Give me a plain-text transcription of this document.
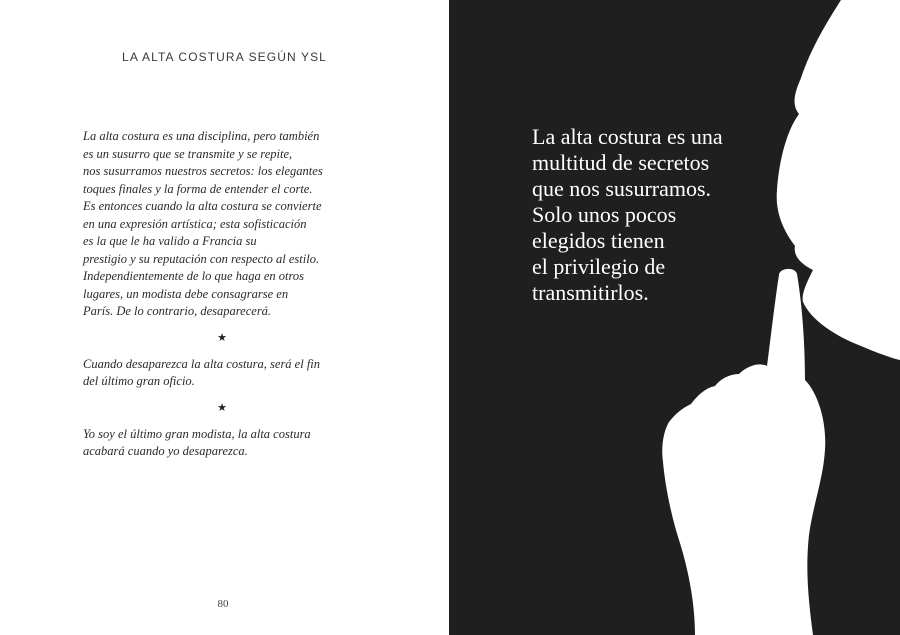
LA ALTA COSTURA SEGÚN YSL

La alta costura es una disciplina, pero también
es un susurro que se transmite y se repite,
nos susurramos nuestros secretos: los elegantes
toques finales y la forma de entender el corte.
Es entonces cuando la alta costura se convierte
en una expresión artística; esta sofisticación
es la que le ha valido a Francia su
prestigio y su reputación con respecto al estilo.
Independientemente de lo que haga en otros
lugares, un modista debe consagrarse en
París. De lo contrario, desaparecerá.

★

Cuando desaparezca la alta costura, será el fin
del último gran oficio.

★

Yo soy el último gran modista, la alta costura
acabará cuando yo desaparezca.

80
La alta costura es una
multitud de secretos
que nos susurramos.
Solo unos pocos
elegidos tienen
el privilegio de
transmitirlos.
